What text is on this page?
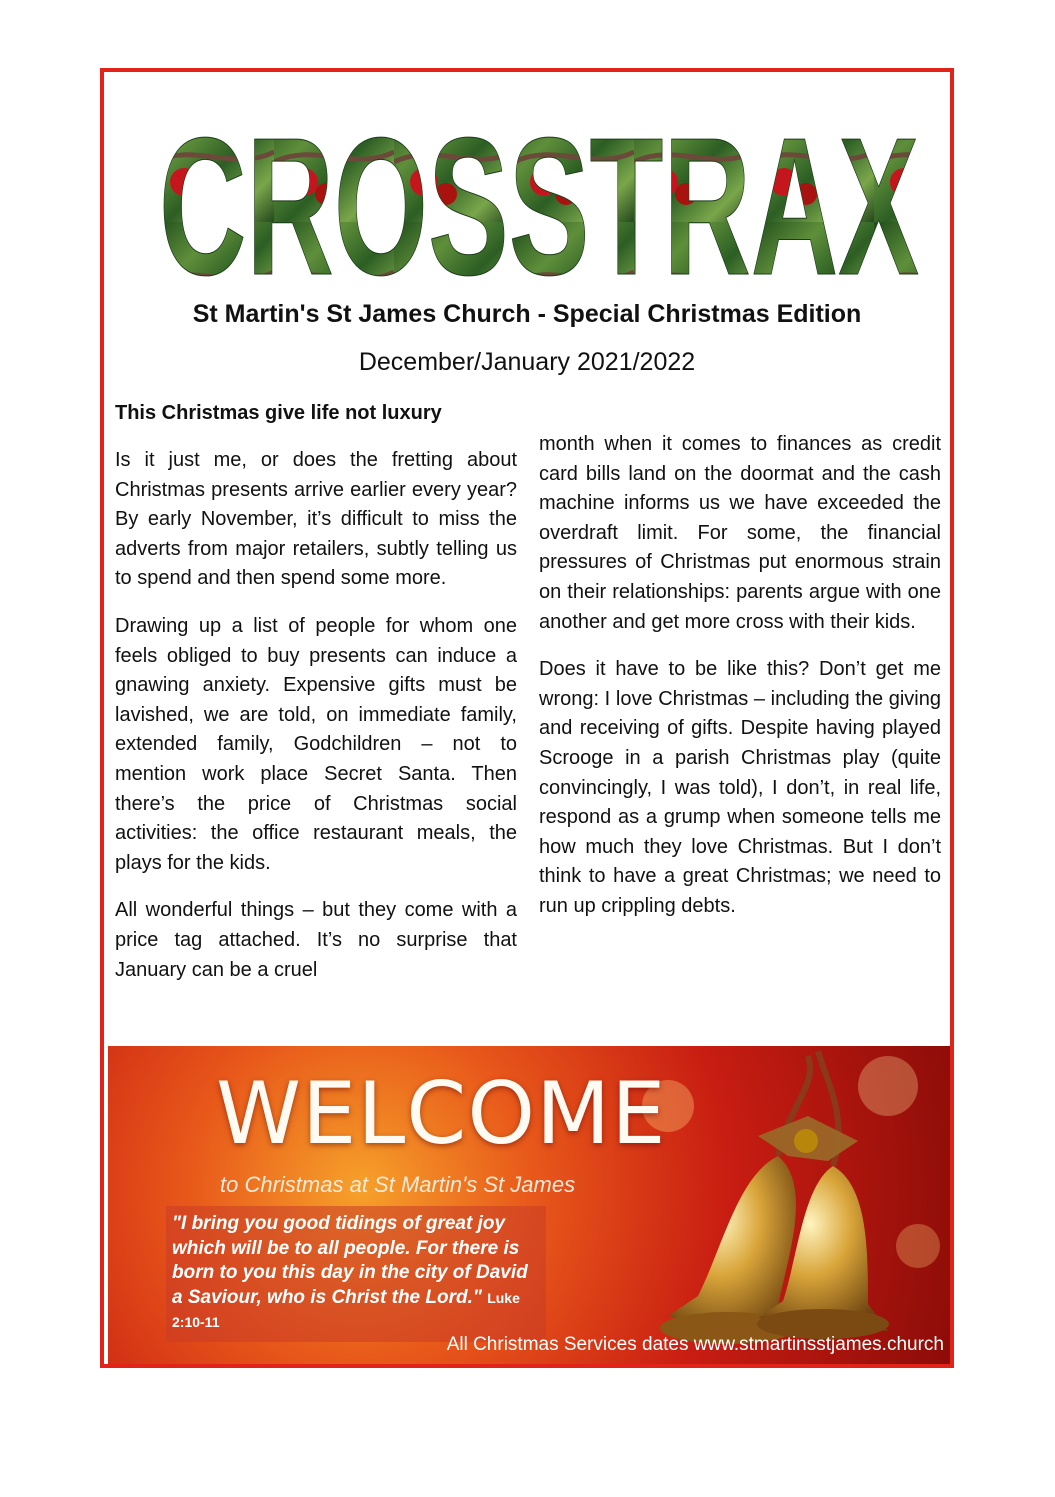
CROSSTRAX
St Martin's St James Church - Special Christmas Edition
December/January 2021/2022

This Christmas give life not luxury

Is it just me, or does the fretting about Christmas presents arrive earlier every year? By early November, it’s difficult to miss the adverts from major retailers, subtly telling us to spend and then spend some more.

Drawing up a list of people for whom one feels obliged to buy presents can induce a gnawing anxiety. Expensive gifts must be lavished, we are told, on immediate family, extended family, Godchildren – not to mention work place Secret Santa. Then there’s the price of Christmas social activities: the office restaurant meals, the plays for the kids.

All wonderful things – but they come with a price tag attached. It’s no surprise that January can be a cruel

month when it comes to finances as credit card bills land on the doormat and the cash machine informs us we have exceeded the overdraft limit. For some, the financial pressures of Christmas put enormous strain on their relationships: parents argue with one another and get more cross with their kids.

Does it have to be like this? Don’t get me wrong: I love Christmas – including the giving and receiving of gifts. Despite having played Scrooge in a parish Christmas play (quite convincingly, I was told), I don’t, in real life, respond as a grump when someone tells me how much they love Christmas. But I don’t think to have a great Christmas; we need to run up crippling debts.

WELCOME
to Christmas at St Martin's St James

"I bring you good tidings of great joy which will be to all people. For there is born to you this day in the city of David a Saviour, who is Christ the Lord." Luke 2:10-11

All Christmas Services dates www.stmartinsstjames.church
